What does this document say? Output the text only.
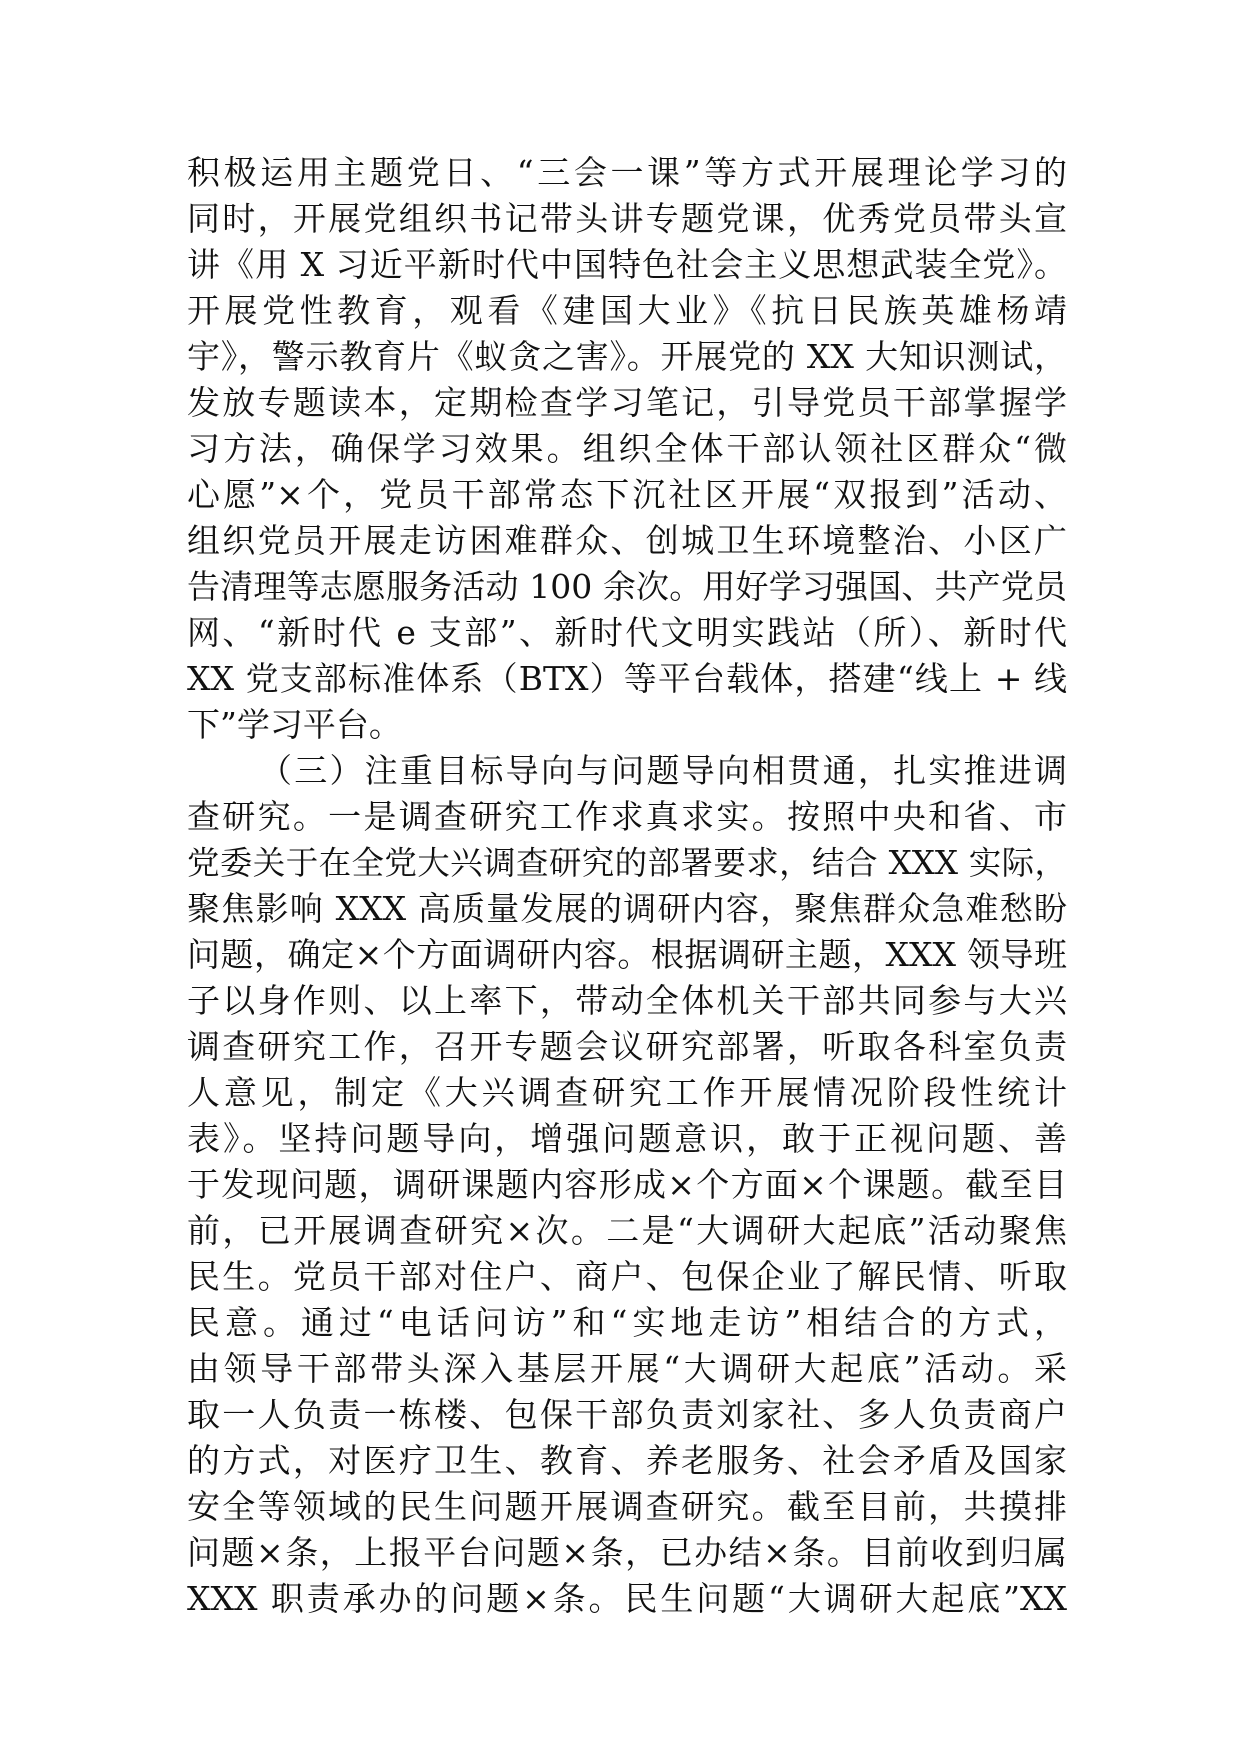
积极运用主题党日、“三会一课”等方式开展理论学习的
同时，开展党组织书记带头讲专题党课，优秀党员带头宣
讲《用 X 习近平新时代中国特色社会主义思想武装全党》。
开展党性教育，观看《建国大业》《抗日民族英雄杨靖
宇》，警示教育片《蚁贪之害》。开展党的 XX 大知识测试，
发放专题读本，定期检查学习笔记，引导党员干部掌握学
习方法，确保学习效果。组织全体干部认领社区群众“微
心愿”×个，党员干部常态下沉社区开展“双报到”活动、
组织党员开展走访困难群众、创城卫生环境整治、小区广
告清理等志愿服务活动 100 余次。用好学习强国、共产党员
网、“新时代 e 支部”、新时代文明实践站（所）、新时代
XX 党支部标准体系（BTX）等平台载体，搭建“线上 + 线
下”学习平台。
（三）注重目标导向与问题导向相贯通，扎实推进调
查研究。一是调查研究工作求真求实。按照中央和省、市
党委关于在全党大兴调查研究的部署要求，结合 XXX 实际，
聚焦影响 XXX 高质量发展的调研内容，聚焦群众急难愁盼
问题，确定×个方面调研内容。根据调研主题，XXX 领导班
子以身作则、以上率下，带动全体机关干部共同参与大兴
调查研究工作，召开专题会议研究部署，听取各科室负责
人意见，制定《大兴调查研究工作开展情况阶段性统计
表》。坚持问题导向，增强问题意识，敢于正视问题、善
于发现问题，调研课题内容形成×个方面×个课题。截至目
前，已开展调查研究×次。二是“大调研大起底”活动聚焦
民生。党员干部对住户、商户、包保企业了解民情、听取
民意。通过“电话问访”和“实地走访”相结合的方式，
由领导干部带头深入基层开展“大调研大起底”活动。采
取一人负责一栋楼、包保干部负责刘家社、多人负责商户
的方式，对医疗卫生、教育、养老服务、社会矛盾及国家
安全等领域的民生问题开展调查研究。截至目前，共摸排
问题×条，上报平台问题×条，已办结×条。目前收到归属
XXX 职责承办的问题×条。民生问题“大调研大起底”XX
